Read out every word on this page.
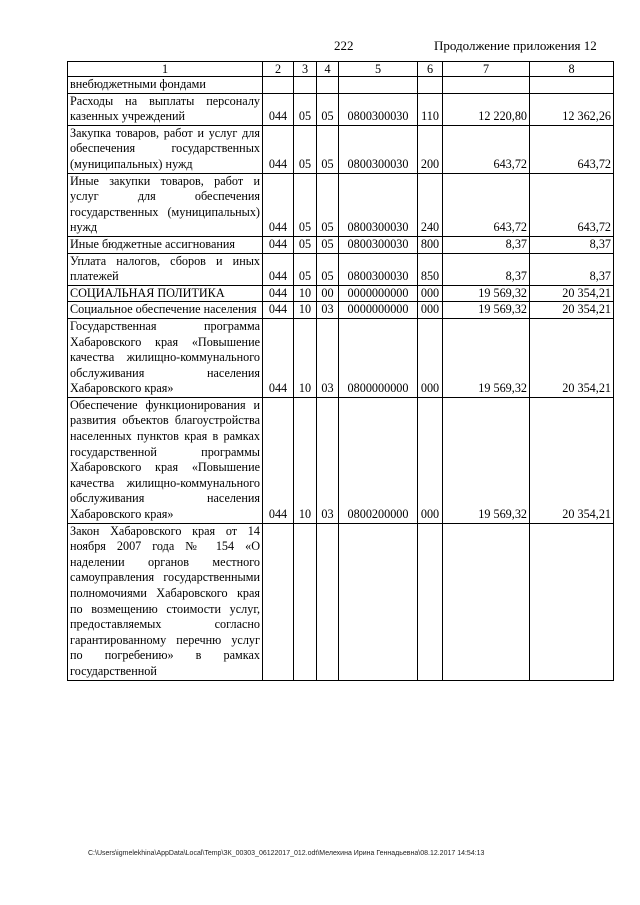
222	Продолжение приложения 12
1	2	3	4	5	6	7	8
внебюджетными фондами							
Расходы на выплаты персоналу казенных учреждений	044	05	05	0800300030	110	12 220,80	12 362,26
Закупка товаров, работ и услуг для обеспечения государственных (муниципальных) нужд	044	05	05	0800300030	200	643,72	643,72
Иные закупки товаров, работ и услуг для обеспечения государственных (муниципальных) нужд	044	05	05	0800300030	240	643,72	643,72
Иные бюджетные ассигнования	044	05	05	0800300030	800	8,37	8,37
Уплата налогов, сборов и иных платежей	044	05	05	0800300030	850	8,37	8,37
СОЦИАЛЬНАЯ ПОЛИТИКА	044	10	00	0000000000	000	19 569,32	20 354,21
Социальное обеспечение населения	044	10	03	0000000000	000	19 569,32	20 354,21
Государственная программа Хабаровского края «Повышение качества жилищно-коммунального обслуживания населения Хабаровского края»	044	10	03	0800000000	000	19 569,32	20 354,21
Обеспечение функционирования и развития объектов благоустройства населенных пунктов края в рамках государственной программы Хабаровского края «Повышение качества жилищно-коммунального обслуживания населения Хабаровского края»	044	10	03	0800200000	000	19 569,32	20 354,21
Закон Хабаровского края от 14 ноября 2007 года № 154 «О наделении органов местного самоуправления государственными полномочиями Хабаровского края по возмещению стоимости услуг, предоставляемых согласно гарантированному перечню услуг по погребению» в рамках государственной							
C:\Users\igmelekhina\AppData\Local\Temp\ЗК_00303_06122017_012.odt\Мелехина Ирина Геннадьевна\08.12.2017 14:54:13
